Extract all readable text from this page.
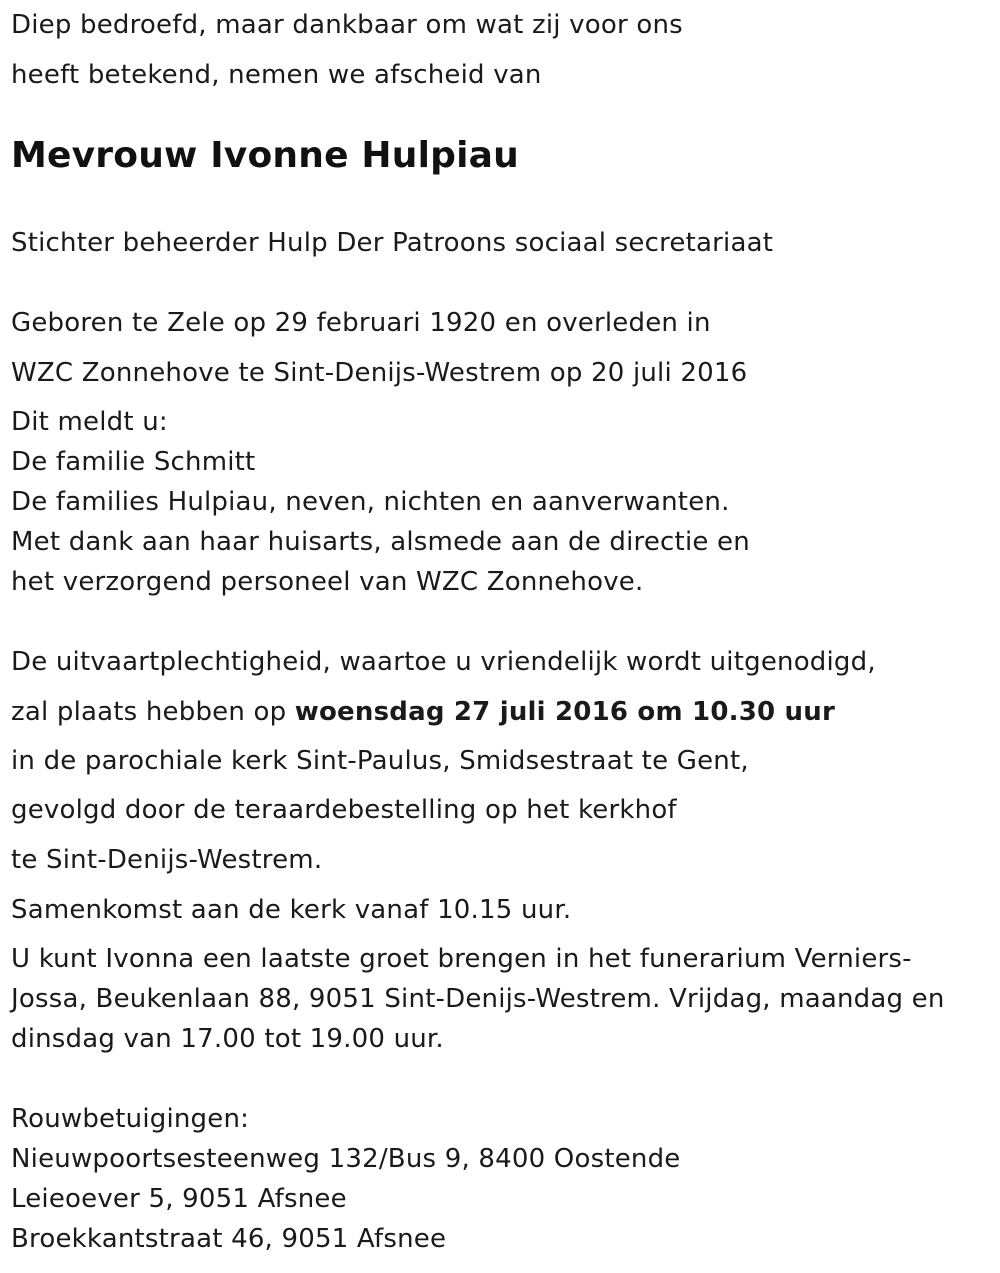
Diep bedroefd, maar dankbaar om wat zij voor ons
heeft betekend, nemen we afscheid van
Mevrouw Ivonne Hulpiau
Stichter beheerder Hulp Der Patroons sociaal secretariaat
Geboren te Zele op 29 februari 1920 en overleden in
WZC Zonnehove te Sint-Denijs-Westrem op 20 juli 2016
Dit meldt u:
De familie Schmitt
De families Hulpiau, neven, nichten en aanverwanten.
Met dank aan haar huisarts, alsmede aan de directie en
het verzorgend personeel van WZC Zonnehove.
De uitvaartplechtigheid, waartoe u vriendelijk wordt uitgenodigd,
zal plaats hebben op woensdag 27 juli 2016 om 10.30 uur
in de parochiale kerk Sint-Paulus, Smidsestraat te Gent,
gevolgd door de teraardebestelling op het kerkhof
te Sint-Denijs-Westrem.
Samenkomst aan de kerk vanaf 10.15 uur.
U kunt Ivonna een laatste groet brengen in het funerarium Verniers-
Jossa, Beukenlaan 88, 9051 Sint-Denijs-Westrem. Vrijdag, maandag en
dinsdag van 17.00 tot 19.00 uur.
Rouwbetuigingen:
Nieuwpoortsesteenweg 132/Bus 9, 8400 Oostende
Leieoever 5, 9051 Afsnee
Broekkantstraat 46, 9051 Afsnee
